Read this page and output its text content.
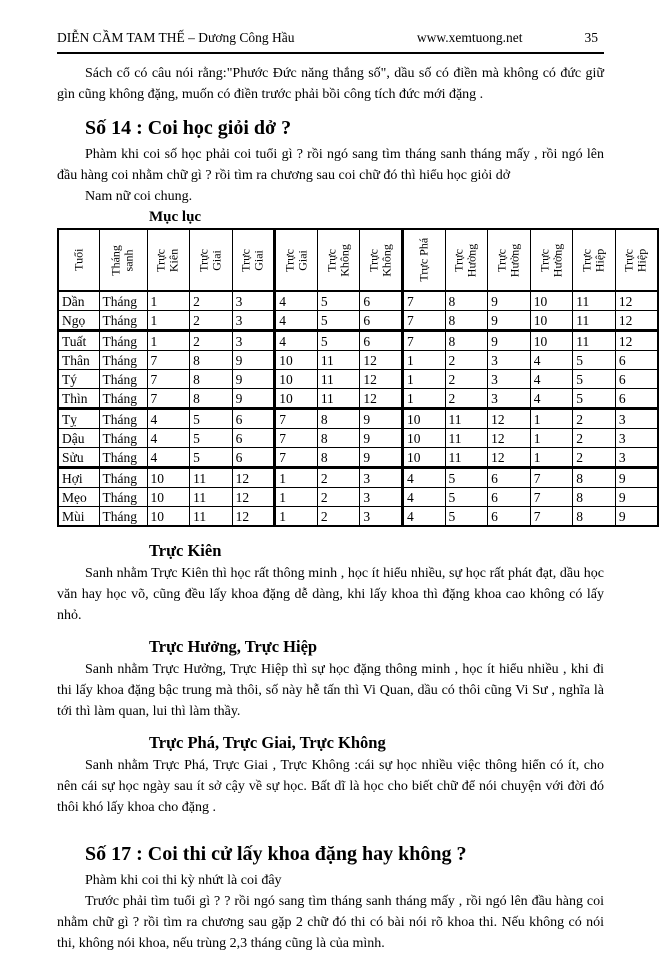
DIỄN CẦM TAM THẾ – Dương Công Hầu	www.xemtuong.net	35

Sách cổ có câu nói rằng:"Phước Đức năng thắng số", dầu số có điền mà không có đức giữ gìn cũng không đặng, muốn có điền trước phải bồi công tích đức mới đặng .

Số 14 : Coi học giỏi dở ?

Phàm khi coi số học phải coi tuổi gì ? rồi ngó sang tìm tháng sanh tháng mấy , rồi ngó lên đầu hàng coi nhằm chữ gì ? rồi tìm ra chương sau coi chữ đó thì hiểu học giỏi dở

Nam nữ coi chung.

Mục lục
Tuổi	Tháng sanh	Trực Kiên	Trực Giai	Trực Giai	Trực Giai	Trực Không	Trực Không	Trực Phá	Trực Hưởng	Trực Hưởng	Trực Hưởng	Trực Hiệp	Trực Hiệp

Dần	Tháng	1	2	3	4	5	6	7	8	9	10	11	12
Ngọ	Tháng	1	2	3	4	5	6	7	8	9	10	11	12
Tuất	Tháng	1	2	3	4	5	6	7	8	9	10	11	12
Thân	Tháng	7	8	9	10	11	12	1	2	3	4	5	6
Tý	Tháng	7	8	9	10	11	12	1	2	3	4	5	6
Thìn	Tháng	7	8	9	10	11	12	1	2	3	4	5	6
Tỵ	Tháng	4	5	6	7	8	9	10	11	12	1	2	3
Dậu	Tháng	4	5	6	7	8	9	10	11	12	1	2	3
Sửu	Tháng	4	5	6	7	8	9	10	11	12	1	2	3
Hợi	Tháng	10	11	12	1	2	3	4	5	6	7	8	9
Mẹo	Tháng	10	11	12	1	2	3	4	5	6	7	8	9
Mùi	Tháng	10	11	12	1	2	3	4	5	6	7	8	9
Trực Kiên

Sanh nhằm Trực Kiên thì học rất thông minh , học ít hiểu nhiều, sự học rất phát đạt, dầu học văn hay học võ, cũng đều lấy khoa đặng dễ dàng, khi lấy khoa thì đặng khoa cao không có lấy nhỏ.

Trực Hưởng, Trực Hiệp

Sanh nhằm Trực Hưởng, Trực Hiệp thì sự học đặng thông minh , học ít hiểu nhiều , khi đi thi lấy khoa đặng bậc trung mà thôi, số này hễ tấn thì Vi Quan, dầu có thôi cũng Vi Sư , nghĩa là tới thì làm quan, lui thì làm thầy.

Trực Phá, Trực Giai, Trực Không

Sanh nhằm Trực Phá, Trực Giai , Trực Không :cái sự học nhiều việc thông hiển có ít, cho nên cái sự học ngày sau ít sở cậy về sự học. Bất dĩ là học cho biết chữ để nói chuyện với đời đó thôi khó lấy khoa cho đặng .

Số 17 : Coi thi cử lấy khoa đặng hay không ?

Phàm khi coi thi kỳ nhứt là coi đây

Trước phải tìm tuổi gì ? ? rồi ngó sang tìm tháng sanh tháng mấy , rồi ngó lên đầu hàng coi nhằm chữ gì ? rồi tìm ra chương sau gặp 2 chữ đó thi có bài nói rõ khoa thi. Nếu không có nói thi, không nói khoa, nếu trùng 2,3 tháng cũng là của mình.
